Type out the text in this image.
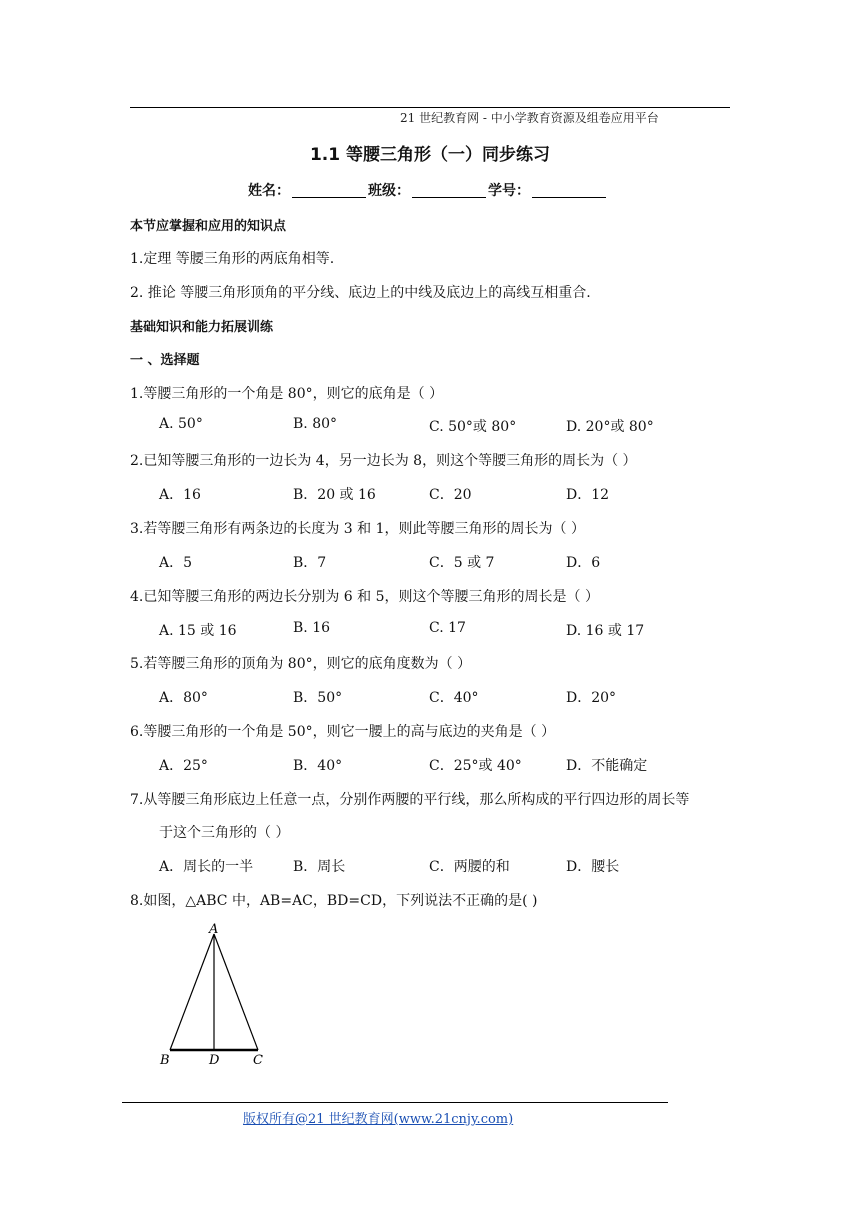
21 世纪教育网 - 中小学教育资源及组卷应用平台
1.1 等腰三角形（一）同步练习
姓名：	班级：	学号：
本节应掌握和应用的知识点
1.定理 等腰三角形的两底角相等.
2. 推论 等腰三角形顶角的平分线、底边上的中线及底边上的高线互相重合.
基础知识和能力拓展训练
一 、选择题
1.等腰三角形的一个角是 80°，则它的底角是（ ）
A. 50°	B. 80°	C. 50°或 80°	D. 20°或 80°
2.已知等腰三角形的一边长为 4，另一边长为 8，则这个等腰三角形的周长为（ ）
A．16	B．20 或 16	C．20	D．12
3.若等腰三角形有两条边的长度为 3 和 1，则此等腰三角形的周长为（ ）
A．5	B．7	C．5 或 7	D．6
4.已知等腰三角形的两边长分别为 6 和 5，则这个等腰三角形的周长是（ ）
A. 15 或 16	B. 16	C. 17	D. 16 或 17
5.若等腰三角形的顶角为 80°，则它的底角度数为（ ）
A．80°	B．50°	C．40°	D．20°
6.等腰三角形的一个角是 50°，则它一腰上的高与底边的夹角是（ ）
A．25°	B．40°	C．25°或 40°	D．不能确定
7.从等腰三角形底边上任意一点，分别作两腰的平行线，那么所构成的平行四边形的周长等
于这个三角形的（ ）
A．周长的一半	B．周长	C．两腰的和	D．腰长
8.如图，△ABC 中，AB=AC，BD=CD，下列说法不正确的是( )
A
B	D	C
版权所有@21 世纪教育网(www.21cnjy.com)
